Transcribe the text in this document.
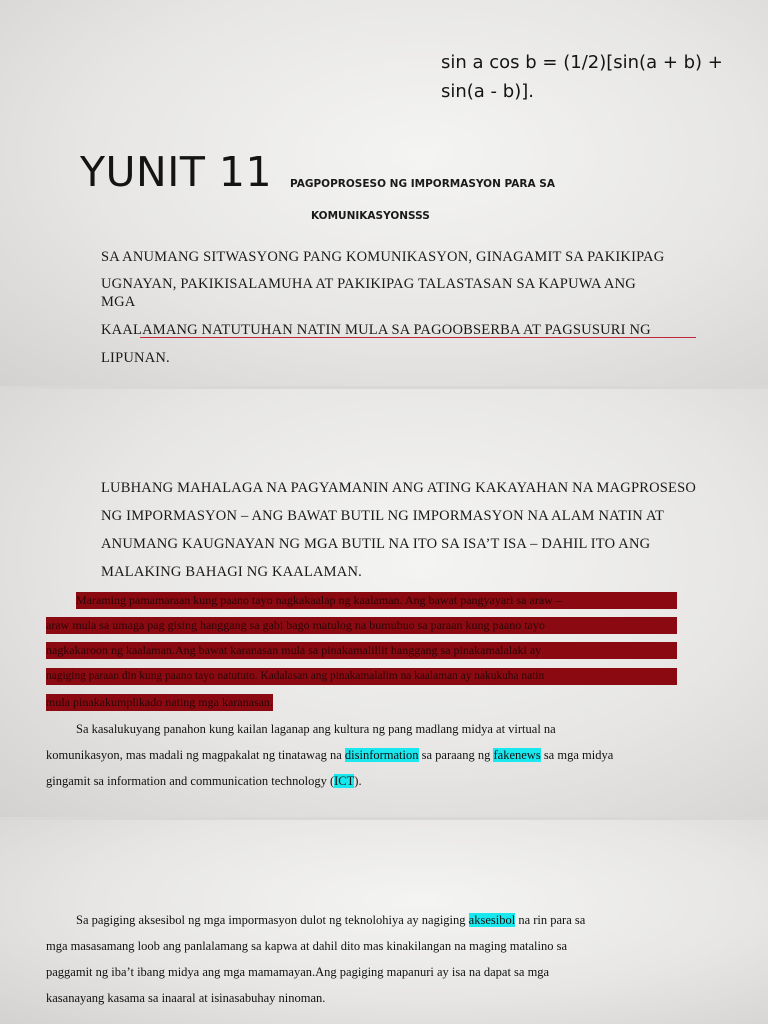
sin a cos b = (1/2)[sin(a + b) + sin(a - b)].

YUNIT 11 PAGPOPROSESO NG IMPORMASYON PARA SA
KOMUNIKASYONSSS
SA ANUMANG SITWASYONG PANG KOMUNIKASYON, GINAGAMIT SA PAKIKIPAG
UGNAYAN, PAKIKISALAMUHA AT PAKIKIPAG TALASTASAN SA KAPUWA ANG
MGA
KAALAMANG NATUTUHAN NATIN MULA SA PAGOOBSERBA AT PAGSUSURI NG
LIPUNAN.
LUBHANG MAHALAGA NA PAGYAMANIN ANG ATING KAKAYAHAN NA MAGPROSESO
NG IMPORMASYON – ANG BAWAT BUTIL NG IMPORMASYON NA ALAM NATIN AT
ANUMANG KAUGNAYAN NG MGA BUTIL NA ITO SA ISA’T ISA – DAHIL ITO ANG
MALAKING BAHAGI NG KAALAMAN.
Maraming pamamaraan kung paano tayo nagkakaalap ng kaalaman. Ang bawat pangyayari sa araw –
araw mula sa umaga pag gising hanggang sa gabi bago matulog na bumubuo sa paraan kung paano tayo
nagkakaroon ng kaalaman.Ang bawat karanasan mula sa pinakamaliliit hanggang sa pinakamalalaki ay
nagiging paraan din kung paano tayo natututo. Kadalasan ang pinakamalalim na kaalaman ay nakukuha natin
mula pinakakumplikado nating mga karanasan.
Sa kasalukuyang panahon kung kailan laganap ang kultura ng pang madlang midya at virtual na
komunikasyon, mas madali ng magpakalat ng tinatawag na disinformation sa paraang ng fakenews sa mga midya
gingamit sa information and communication technology (ICT).
Sa pagiging aksesibol ng mga impormasyon dulot ng teknolohiya ay nagiging aksesibol na rin para sa
mga masasamang loob ang panlalamang sa kapwa at dahil dito mas kinakilangan na maging matalino sa
paggamit ng iba’t ibang midya ang mga mamamayan.Ang pagiging mapanuri ay isa na dapat sa mga
kasanayang kasama sa inaaral at isinasabuhay ninoman.
